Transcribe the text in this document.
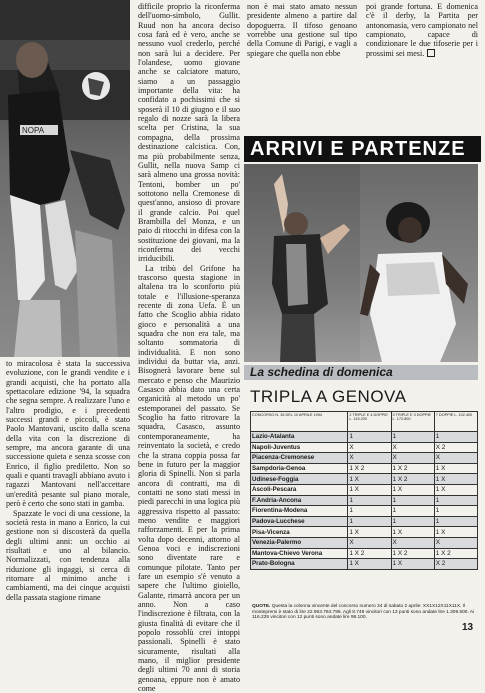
NOPA

to miracolosa è stata la successiva evoluzione, con le grandi vendite e i grandi acquisti, che ha portato alla spettacolare edizione '94, la squadra che segna sempre. A realizzare l'uno e l'altro prodigio, e i precedenti successi grandi e piccoli, è stato Paolo Mantovani, uscito dalla scena della vita con la discrezione di sempre, ma ancora garante di una successione quieta e senza scosse con Enrico, il figlio prediletto. Non so quali e quanti travagli abbiano avuto i ragazzi Mantovani nell'accettare un'eredità pesante sul piano morale, però è certo che sono stati in gamba.

Spazzate le voci di una cessione, la società resta in mano a Enrico, la cui gestione non si discosterà da quella degli ultimi anni: un occhio ai risultati e uno al bilancio. Normalizzati, con tendenza alla riduzione gli ingaggi, si cerca di ritornare al minimo anche i cambiamenti, ma dei cinque acquisti della passata stagione rimane

difficile proprio la riconferma dell'uomo-simbolo, Gullit. Ruud non ha ancora deciso cosa farà ed è vero, anche se nessuno vuol crederlo, perché non sarà lui a decidere. Per l'olandese, uomo giovane anche se calciatore maturo, siamo a un passaggio importante della vita: ha confidato a pochissimi che si sposerà il 10 di giugno e il suo regalo di nozze sarà la libera scelta per Cristina, la sua compagna, della prossima destinazione calcistica. Con, ma più probabilmente senza, Gullit, nella nuova Samp ci sarà almeno una grossa novità: Tentoni, bomber un po' sottotono nella Cremonese di quest'anno, ansioso di provare il grande calcio. Poi quel Brambilla del Monza, e un paio di ritocchi in difesa con la sostituzione dei giovani, ma la riconferma dei vecchi irriducibili.

La tribù del Grifone ha trascorso questa stagione in altalena tra lo sconforto più totale e l'illusione-speranza recente di zona Uefa. È un fatto che Scoglio abbia ridato gioco e personalità a una squadra che non era tale, ma soltanto sommatoria di individualità. E non sono individui da buttar via, anzi. Bisognerà lavorare bene sul mercato e penso che Maurizio Casasco abbia dato una certa organicità al metodo un po' estemporanei del passato. Se Scoglio ha fatto ritrovare la squadra, Casasco, assunto contemporaneamente, ha reinventato la società, e credo che la strana coppia possa far bene in futuro per la maggior gloria di Spinelli. Non si parla ancora di contratti, ma di contatti ne sono stati messi in piedi parecchi in una logica più aggressiva rispetto al passato: meno vendite e maggiori rafforzamenti. E per la prima volta dopo decenni, attorno al Genoa voci e indiscrezioni sono diventate rare e comunque pilotate. Tanto per fare un esempio s'è venuto a sapere che l'ultimo gioiello, Galante, rimarrà ancora per un anno. Non a caso l'indiscrezione è filtrata, con la giusta finalità di evitare che il popolo rossoblù crei intoppi passionali. Spinelli è stato sicuramente, risultati alla mano, il miglior presidente degli ultimi 70 anni di storia genoana, eppure non è amato come

non è mai stato amato nessun presidente almeno a partire dal dopoguerra. Il tifoso genoano vorrebbe una gestione sul tipo della Comune di Parigi, e vagli a spiegare che quella non ebbe

poi grande fortuna. E domenica c'è il derby, la Partita per antonomasia, vero campionato nel campionato, capace di condizionare le due tifoserie per i prossimi sei mesi.

ARRIVI E PARTENZE
La schedina di domenica
TRIPLA A GENOVA
CONCORSO N. 35 DEL 10 APRILE 1994	2 TRIPLE E 4 DOPPIE L. 115.200	3 TRIPLE E 3 DOPPIE L. 172.800	7 DOPPIE L. 102.400
Lazio-Atalanta	1	1	1
Napoli-Juventus	X	X	X 2
Piacenza-Cremonese	X	X	X
Sampdoria-Genoa	1 X 2	1 X 2	1 X
Udinese-Foggia	1 X	1 X 2	1 X
Ascoli-Pescara	1 X	1 X	1 X
F.Andria-Ancona	1	1	1
Fiorentina-Modena	1	1	1
Padova-Lucchese	1	1	1
Pisa-Vicenza	1 X	1 X	1 X
Venezia-Palermo	X	X	X
Mantova-Chievo Verona	1 X 2	1 X 2	1 X 2
Prato-Bologna	1 X	1 X	X 2
QUOTE. Questa la colonna vincente del concorso numero 34 di sabato 2 aprile: XX1X12X11X11X. Il montepremi è stato di lire 22.963.784.796. Agli 8.748 vincitori con 13 punti sono andate lire 1.309.500. Ai 116.235 vincitori con 12 punti sono andate lire 98.100.
13
